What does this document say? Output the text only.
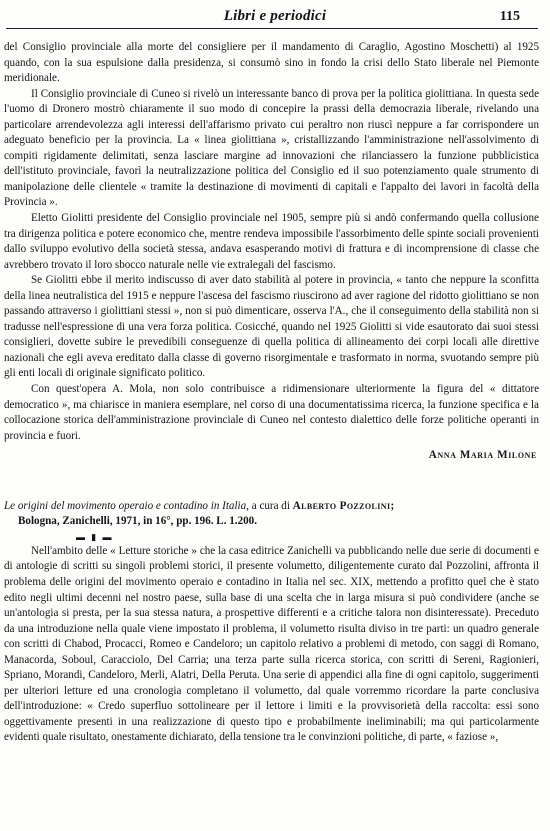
Libri e periodici	115

del Consiglio provinciale alla morte del consigliere per il mandamento di Caraglio, Agostino Moschetti) al 1925 quando, con la sua espulsione dalla presidenza, si consumò sino in fondo la crisi dello Stato liberale nel Piemonte meridionale.

Il Consiglio provinciale di Cuneo si rivelò un interessante banco di prova per la politica giolittiana. In questa sede l'uomo di Dronero mostrò chiaramente il suo modo di concepire la prassi della democrazia liberale, rivelando una particolare arrendevolezza agli interessi dell'affarismo privato cui peraltro non riuscì neppure a far corrispondere un adeguato beneficio per la provincia. La « linea giolittiana », cristallizzando l'amministrazione nell'assolvimento di compiti rigidamente delimitati, senza lasciare margine ad innovazioni che rilanciassero la funzione pubblicistica dell'istituto provinciale, favorì la neutralizzazione politica del Consiglio ed il suo potenziamento quale strumento di manipolazione delle clientele « tramite la destinazione di movimenti di capitali e l'appalto dei lavori in facoltà della Provincia ».

Eletto Giolitti presidente del Consiglio provinciale nel 1905, sempre più si andò confermando quella collusione tra dirigenza politica e potere economico che, mentre rendeva impossibile l'assorbimento delle spinte sociali provenienti dallo sviluppo evolutivo della società stessa, andava esasperando motivi di frattura e di incomprensione di classe che avrebbero trovato il loro sbocco naturale nelle vie extralegali del fascismo.

Se Giolitti ebbe il merito indiscusso di aver dato stabilità al potere in provincia, « tanto che neppure la sconfitta della linea neutralistica del 1915 e neppure l'ascesa del fascismo riuscirono ad aver ragione del ridotto giolittiano se non passando attraverso i giolittiani stessi », non si può dimenticare, osserva l'A., che il conseguimento della stabilità non si tradusse nell'espressione di una vera forza politica. Cosicché, quando nel 1925 Giolitti si vide esautorato dai suoi stessi consiglieri, dovette subire le prevedibili conseguenze di quella politica di allineamento dei corpi locali alle direttive nazionali che egli aveva ereditato dalla classe di governo risorgimentale e trasformato in norma, svuotando sempre più gli enti locali di originale significato politico.

Con quest'opera A. Mola, non solo contribuisce a ridimensionare ulteriormente la figura del « dittatore democratico », ma chiarisce in maniera esemplare, nel corso di una documentatissima ricerca, la funzione specifica e la collocazione storica dell'amministrazione provinciale di Cuneo nel contesto dialettico delle forze politiche operanti in provincia e fuori.

Anna Maria Milone

Le origini del movimento operaio e contadino in Italia, a cura di Alberto Pozzolini;
Bologna, Zanichelli, 1971, in 16°, pp. 196. L. 1.200.

▬ ▮ ▬

Nell'ambito delle « Letture storiche » che la casa editrice Zanichelli va pubblicando nelle due serie di documenti e di antologie di scritti su singoli problemi storici, il presente volumetto, diligentemente curato dal Pozzolini, affronta il problema delle origini del movimento operaio e contadino in Italia nel sec. XIX, mettendo a profitto quel che è stato edito negli ultimi decenni nel nostro paese, sulla base di una scelta che in larga misura si può condividere (anche se un'antologia si presta, per la sua stessa natura, a prospettive differenti e a critiche talora non disinteressate). Preceduto da una introduzione nella quale viene impostato il problema, il volumetto risulta diviso in tre parti: un quadro generale con scritti di Chabod, Procacci, Romeo e Candeloro; un capitolo relativo a problemi di metodo, con saggi di Romano, Manacorda, Soboul, Caracciolo, Del Carria; una terza parte sulla ricerca storica, con scritti di Sereni, Ragionieri, Spriano, Morandi, Candeloro, Merli, Alatri, Della Peruta. Una serie di appendici alla fine di ogni capitolo, suggerimenti per ulteriori letture ed una cronologia completano il volumetto, dal quale vorremmo ricordare la parte conclusiva dell'introduzione: « Credo superfluo sottolineare per il lettore i limiti e la provvisorietà della raccolta: essi sono oggettivamente presenti in una realizzazione di questo tipo e probabilmente ineliminabili; ma qui particolarmente evidenti quale risultato, onestamente dichiarato, della tensione tra le convinzioni politiche, di parte, « faziose »,
